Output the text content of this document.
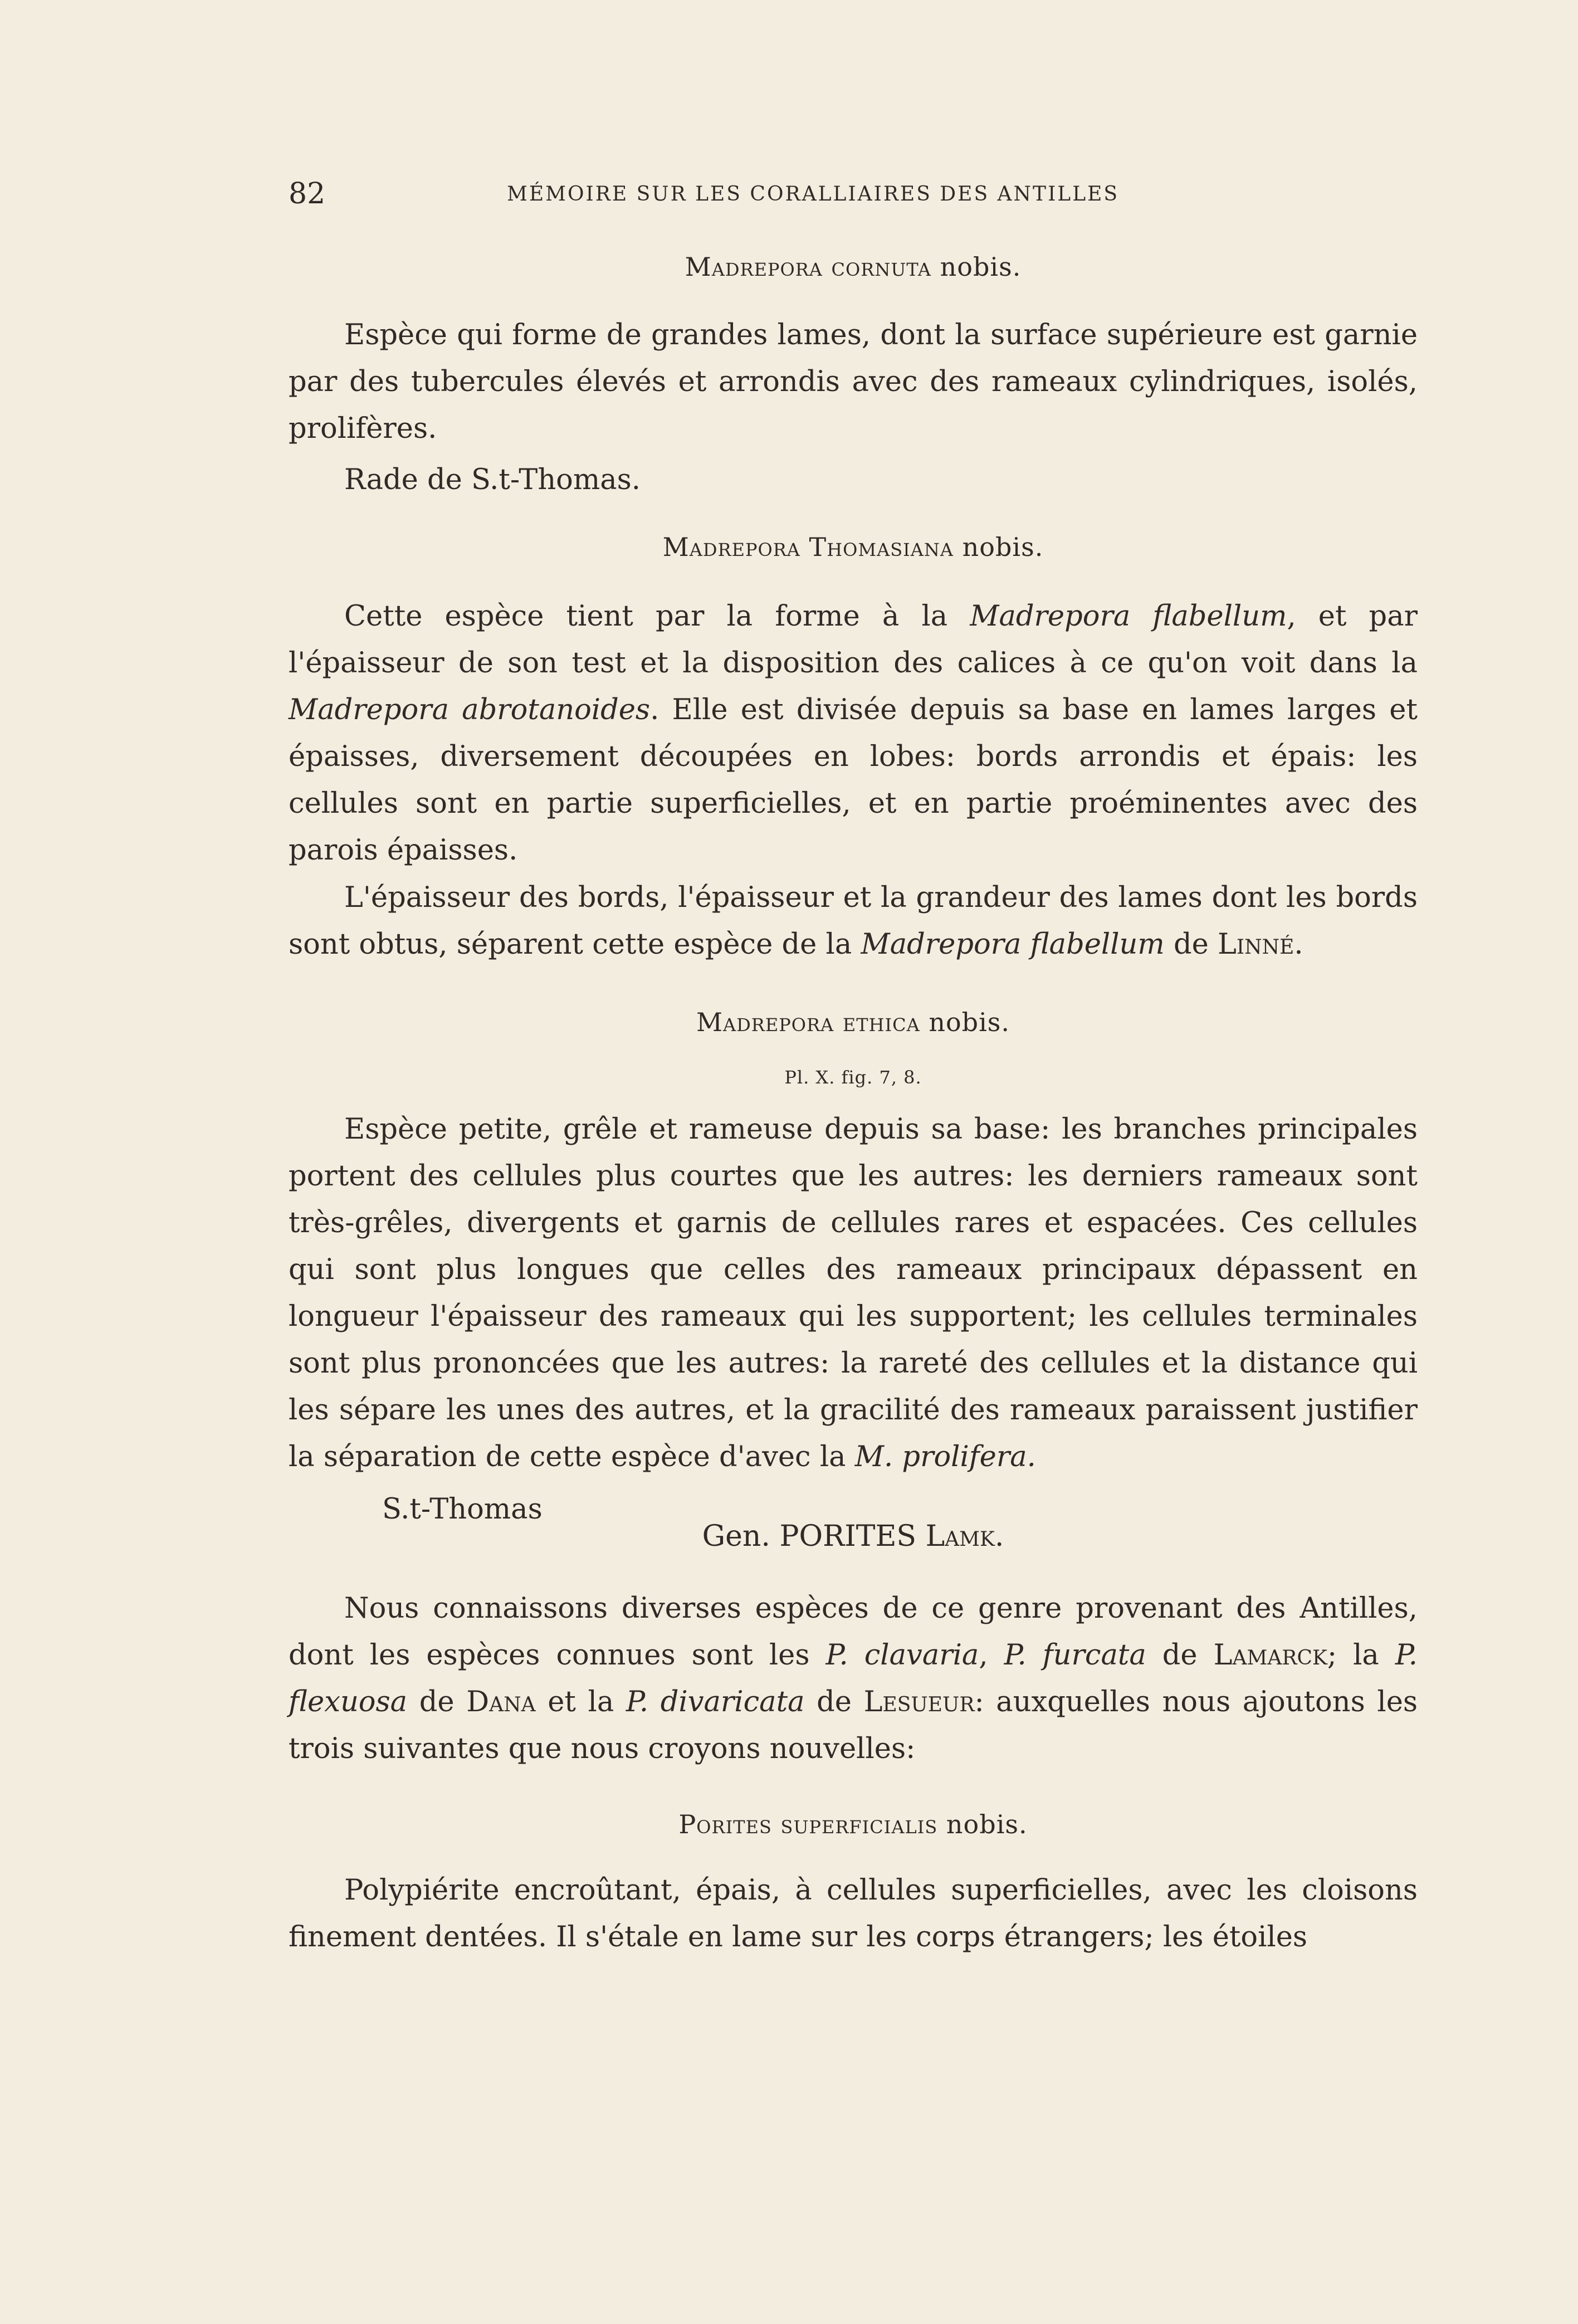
82	MÉMOIRE SUR LES CORALLIAIRES DES ANTILLES
Madrepora cornuta nobis.
Espèce qui forme de grandes lames, dont la surface supérieure est garnie par des tubercules élevés et arrondis avec des rameaux cylindriques, isolés, prolifères.
Rade de S.t-Thomas.
Madrepora Thomasiana nobis.
Cette espèce tient par la forme à la Madrepora flabellum, et par l'épaisseur de son test et la disposition des calices à ce qu'on voit dans la Madrepora abrotanoides. Elle est divisée depuis sa base en lames larges et épaisses, diversement découpées en lobes: bords arrondis et épais: les cellules sont en partie superficielles, et en partie proéminentes avec des parois épaisses.
L'épaisseur des bords, l'épaisseur et la grandeur des lames dont les bords sont obtus, séparent cette espèce de la Madrepora flabellum de Linné.
Madrepora ethica nobis.
Pl. X. fig. 7, 8.
Espèce petite, grêle et rameuse depuis sa base: les branches principales portent des cellules plus courtes que les autres: les derniers rameaux sont très-grêles, divergents et garnis de cellules rares et espacées. Ces cellules qui sont plus longues que celles des rameaux principaux dépassent en longueur l'épaisseur des rameaux qui les supportent; les cellules terminales sont plus prononcées que les autres: la rareté des cellules et la distance qui les sépare les unes des autres, et la gracilité des rameaux paraissent justifier la séparation de cette espèce d'avec la M. prolifera.
S.t-Thomas
Gen. PORITES Lamk.
Nous connaissons diverses espèces de ce genre provenant des Antilles, dont les espèces connues sont les P. clavaria, P. furcata de Lamarck; la P. flexuosa de Dana et la P. divaricata de Lesueur: auxquelles nous ajoutons les trois suivantes que nous croyons nouvelles:
Porites superficialis nobis.
Polypiérite encroûtant, épais, à cellules superficielles, avec les cloisons finement dentées. Il s'étale en lame sur les corps étrangers; les étoiles
